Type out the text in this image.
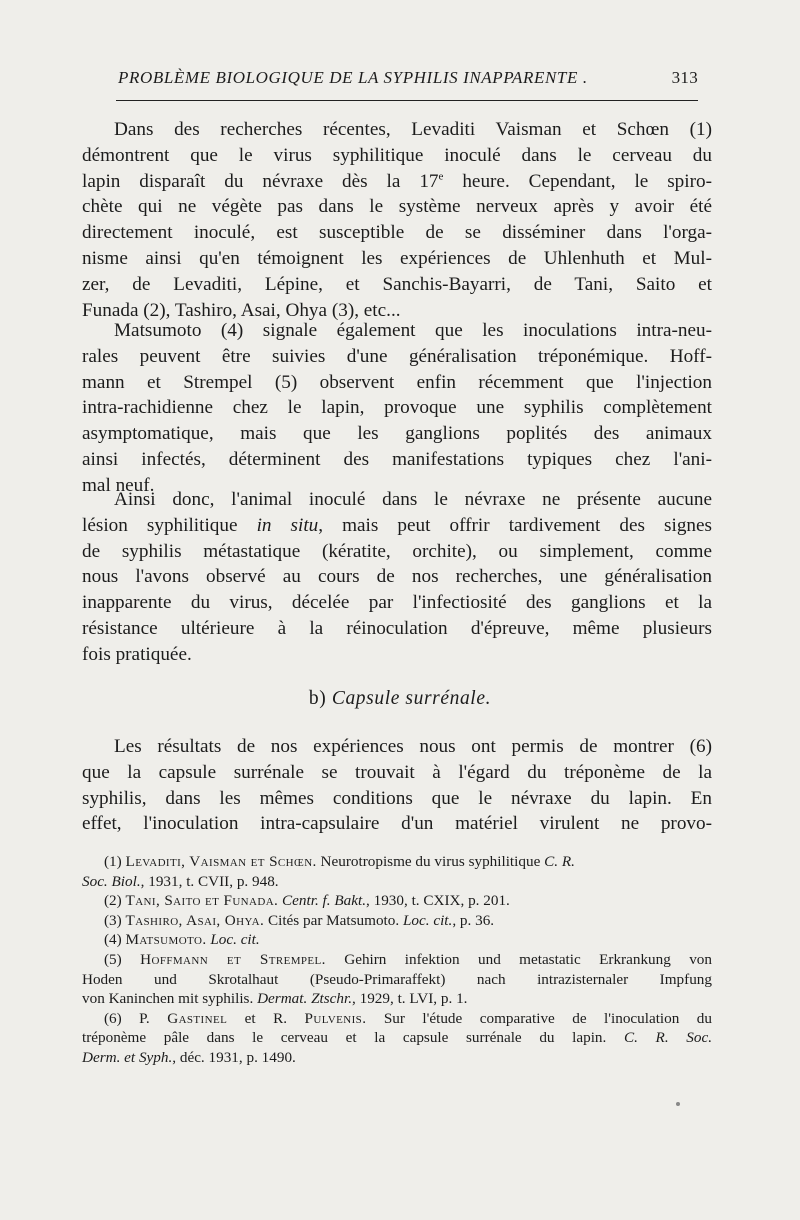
PROBLÈME BIOLOGIQUE DE LA SYPHILIS INAPPARENTE .	313
Dans des recherches récentes, Levaditi Vaisman et Schœn (1)
démontrent que le virus syphilitique inoculé dans le cerveau du
lapin disparaît du névraxe dès la 17e heure. Cependant, le spiro-
chète qui ne végète pas dans le système nerveux après y avoir été
directement inoculé, est susceptible de se disséminer dans l'orga-
nisme ainsi qu'en témoignent les expériences de Uhlenhuth et Mul-
zer, de Levaditi, Lépine, et Sanchis-Bayarri, de Tani, Saito et
Funada (2), Tashiro, Asai, Ohya (3), etc...
Matsumoto (4) signale également que les inoculations intra-neu-
rales peuvent être suivies d'une généralisation tréponémique. Hoff-
mann et Strempel (5) observent enfin récemment que l'injection
intra-rachidienne chez le lapin, provoque une syphilis complètement
asymptomatique, mais que les ganglions poplités des animaux
ainsi infectés, déterminent des manifestations typiques chez l'ani-
mal neuf.
Ainsi donc, l'animal inoculé dans le névraxe ne présente aucune
lésion syphilitique in situ, mais peut offrir tardivement des signes
de syphilis métastatique (kératite, orchite), ou simplement, comme
nous l'avons observé au cours de nos recherches, une généralisation
inapparente du virus, décelée par l'infectiosité des ganglions et la
résistance ultérieure à la réinoculation d'épreuve, même plusieurs
fois pratiquée.
b) Capsule surrénale.
Les résultats de nos expériences nous ont permis de montrer (6)
que la capsule surrénale se trouvait à l'égard du tréponème de la
syphilis, dans les mêmes conditions que le névraxe du lapin. En
effet, l'inoculation intra-capsulaire d'un matériel virulent ne provo-
(1) Levaditi, Vaisman et Schœn. Neurotropisme du virus syphilitique C. R.
Soc. Biol., 1931, t. CVII, p. 948.
(2) Tani, Saito et Funada. Centr. f. Bakt., 1930, t. CXIX, p. 201.
(3) Tashiro, Asai, Ohya. Cités par Matsumoto. Loc. cit., p. 36.
(4) Matsumoto. Loc. cit.
(5) Hoffmann et Strempel. Gehirn infektion und metastatic Erkrankung von
Hoden und Skrotalhaut (Pseudo-Primaraffekt) nach intrazisternaler Impfung
von Kaninchen mit syphilis. Dermat. Ztschr., 1929, t. LVI, p. 1.
(6) P. Gastinel et R. Pulvenis. Sur l'étude comparative de l'inoculation du
tréponème pâle dans le cerveau et la capsule surrénale du lapin. C. R. Soc.
Derm. et Syph., déc. 1931, p. 1490.
